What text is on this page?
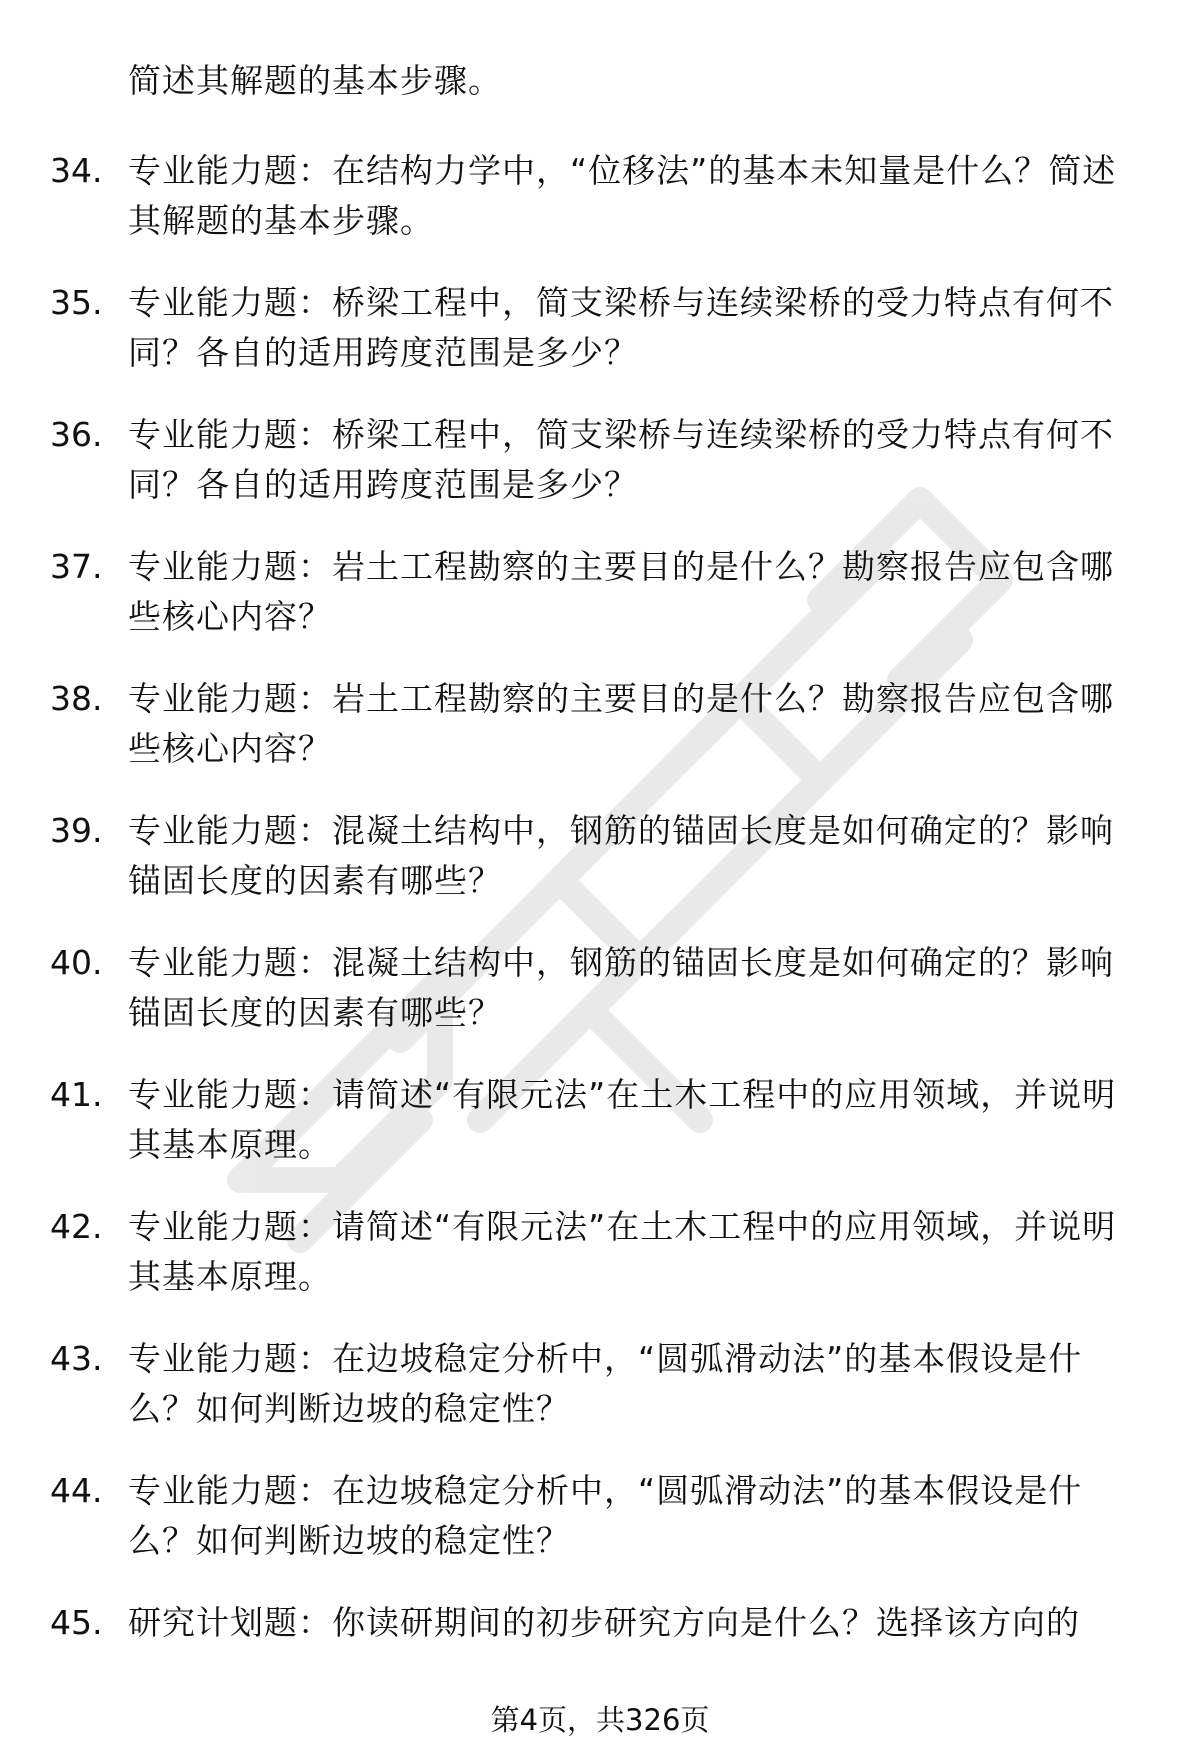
简述其解题的基本步骤。
34. 专业能力题：在结构力学中，“位移法”的基本未知量是什么？简述其解题的基本步骤。
35. 专业能力题：桥梁工程中，简支梁桥与连续梁桥的受力特点有何不同？各自的适用跨度范围是多少？
36. 专业能力题：桥梁工程中，简支梁桥与连续梁桥的受力特点有何不同？各自的适用跨度范围是多少？
37. 专业能力题：岩土工程勘察的主要目的是什么？勘察报告应包含哪些核心内容？
38. 专业能力题：岩土工程勘察的主要目的是什么？勘察报告应包含哪些核心内容？
39. 专业能力题：混凝土结构中，钢筋的锚固长度是如何确定的？影响锚固长度的因素有哪些？
40. 专业能力题：混凝土结构中，钢筋的锚固长度是如何确定的？影响锚固长度的因素有哪些？
41. 专业能力题：请简述“有限元法”在土木工程中的应用领域，并说明其基本原理。
42. 专业能力题：请简述“有限元法”在土木工程中的应用领域，并说明其基本原理。
43. 专业能力题：在边坡稳定分析中，“圆弧滑动法”的基本假设是什么？如何判断边坡的稳定性？
44. 专业能力题：在边坡稳定分析中，“圆弧滑动法”的基本假设是什么？如何判断边坡的稳定性？
45. 研究计划题：你读研期间的初步研究方向是什么？选择该方向的
第4页，共326页
